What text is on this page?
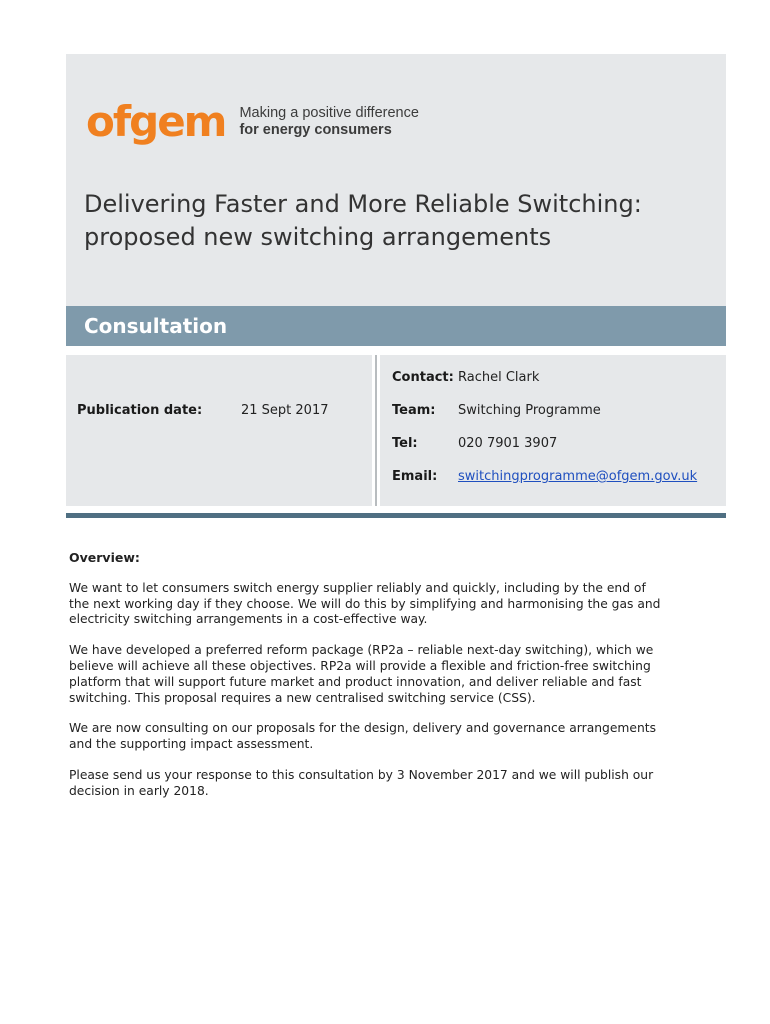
ofgem Making a positive difference

for energy consumers
Delivering Faster and More Reliable Switching:
proposed new switching arrangements
Consultation
Publication date:	21 Sept 2017
Contact: Rachel Clark
Team: Switching Programme
Tel:	020 7901 3907
Email: switchingprogramme@ofgem.gov.uk
Overview:

We want to let consumers switch energy supplier reliably and quickly, including by the end of the next working day if they choose. We will do this by simplifying and harmonising the gas and electricity switching arrangements in a cost-effective way.

We have developed a preferred reform package (RP2a – reliable next-day switching), which we believe will achieve all these objectives. RP2a will provide a flexible and friction-free switching platform that will support future market and product innovation, and deliver reliable and fast switching. This proposal requires a new centralised switching service (CSS).

We are now consulting on our proposals for the design, delivery and governance arrangements and the supporting impact assessment.

Please send us your response to this consultation by 3 November 2017 and we will publish our decision in early 2018.
